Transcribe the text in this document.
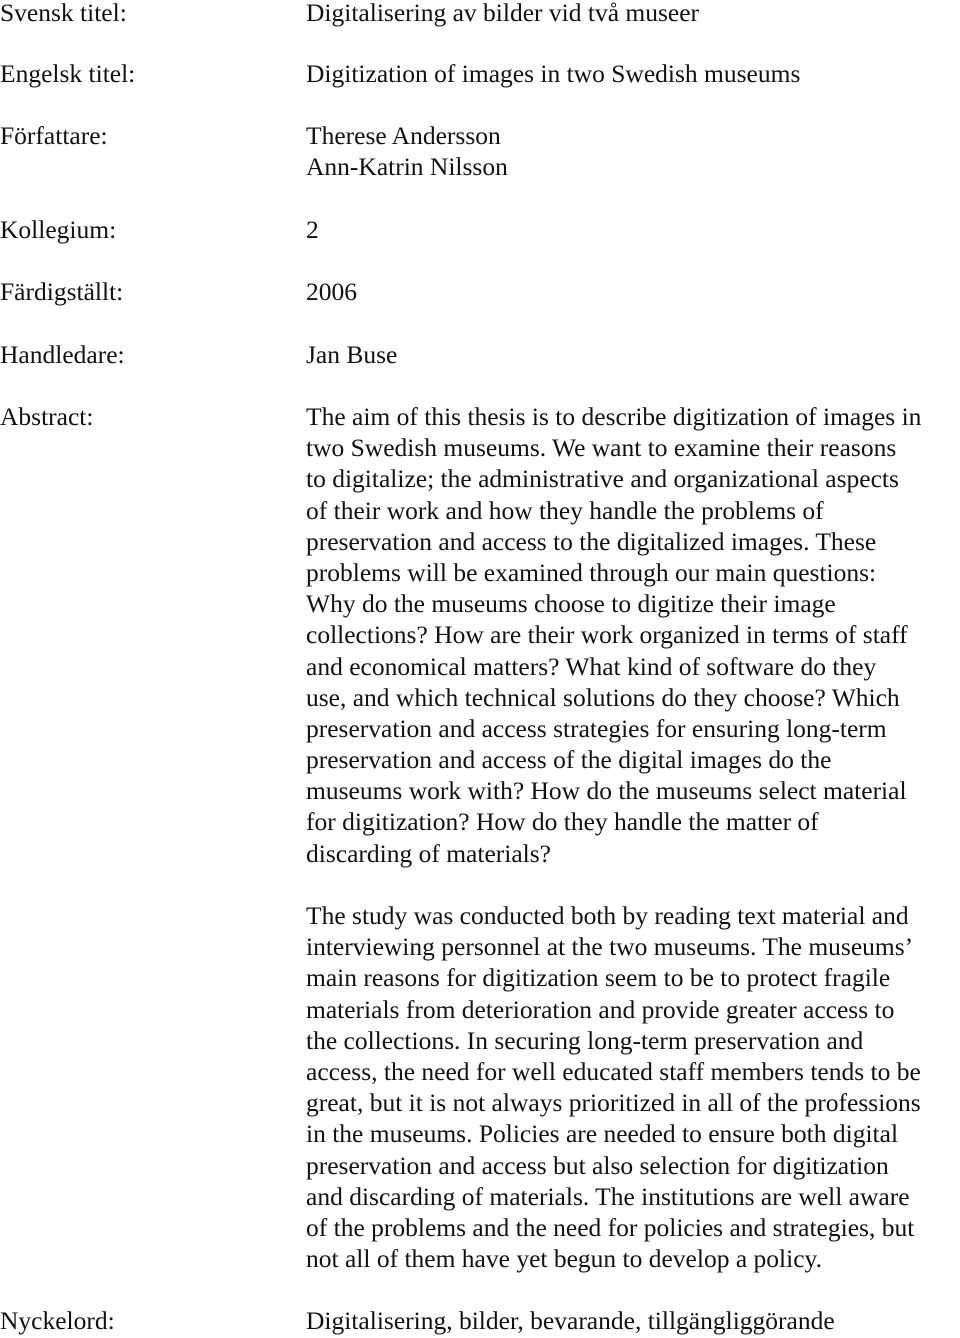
Svensk titel:	Digitalisering av bilder vid två museer
Engelsk titel:	Digitization of images in two Swedish museums
Författare:	Therese Andersson
Ann-Katrin Nilsson
Kollegium:	2
Färdigställt:	2006
Handledare:	Jan Buse
Abstract:	The aim of this thesis is to describe digitization of images in
two Swedish museums. We want to examine their reasons
to digitalize; the administrative and organizational aspects
of their work and how they handle the problems of
preservation and access to the digitalized images. These
problems will be examined through our main questions:
Why do the museums choose to digitize their image
collections? How are their work organized in terms of staff
and economical matters? What kind of software do they
use, and which technical solutions do they choose? Which
preservation and access strategies for ensuring long-term
preservation and access of the digital images do the
museums work with? How do the museums select material
for digitization? How do they handle the matter of
discarding of materials?
The study was conducted both by reading text material and
interviewing personnel at the two museums. The museums’
main reasons for digitization seem to be to protect fragile
materials from deterioration and provide greater access to
the collections. In securing long-term preservation and
access, the need for well educated staff members tends to be
great, but it is not always prioritized in all of the professions
in the museums. Policies are needed to ensure both digital
preservation and access but also selection for digitization
and discarding of materials. The institutions are well aware
of the problems and the need for policies and strategies, but
not all of them have yet begun to develop a policy.
Nyckelord:	Digitalisering, bilder, bevarande, tillgängliggörande
